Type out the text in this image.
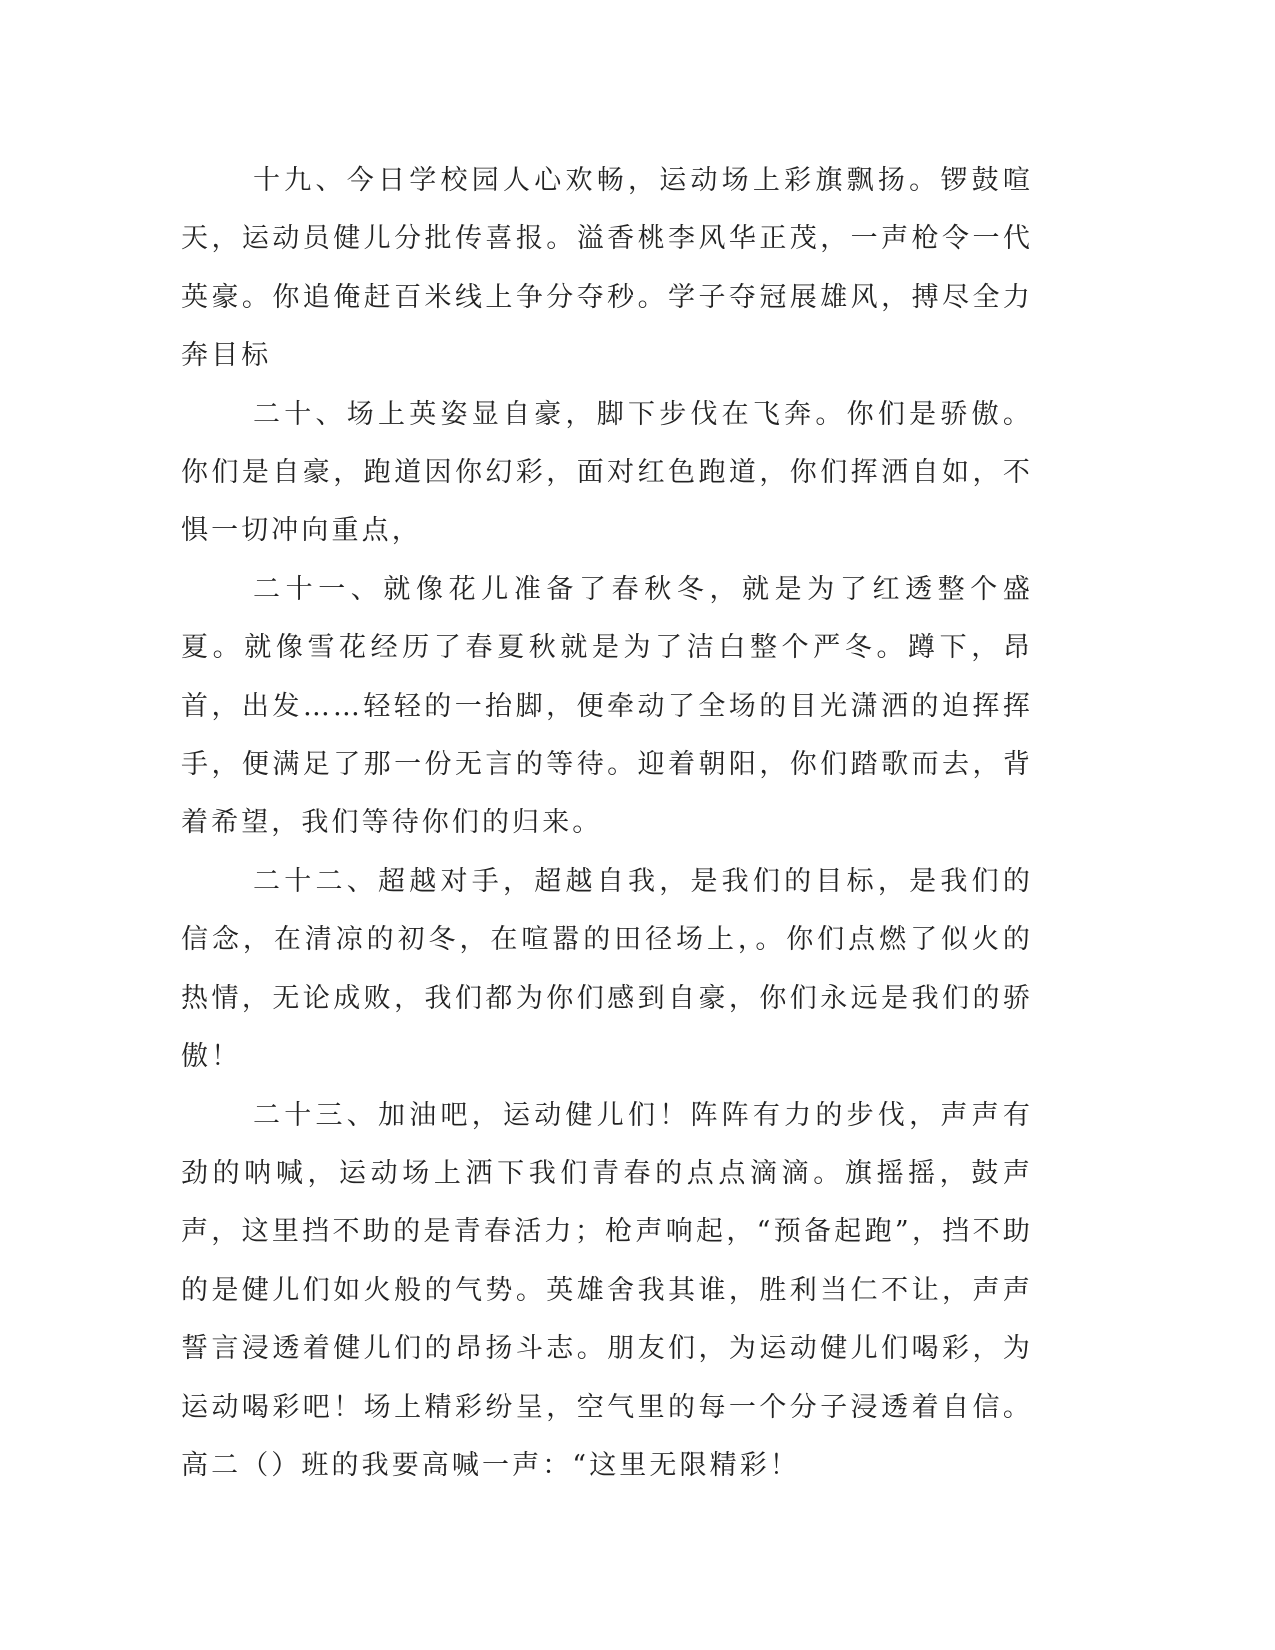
十九、今日学校园人心欢畅，运动场上彩旗飘扬。锣鼓喧天，运动员健儿分批传喜报。溢香桃李风华正茂，一声枪令一代英豪。你追俺赶百米线上争分夺秒。学子夺冠展雄风，搏尽全力奔目标

二十、场上英姿显自豪，脚下步伐在飞奔。你们是骄傲。你们是自豪，跑道因你幻彩，面对红色跑道，你们挥洒自如，不惧一切冲向重点，

二十一、就像花儿准备了春秋冬，就是为了红透整个盛夏。就像雪花经历了春夏秋就是为了洁白整个严冬。蹲下，昂首，出发……轻轻的一抬脚，便牵动了全场的目光潇洒的迫挥挥手，便满足了那一份无言的等待。迎着朝阳，你们踏歌而去，背着希望，我们等待你们的归来。

二十二、超越对手，超越自我，是我们的目标，是我们的信念，在清凉的初冬，在喧嚣的田径场上，。你们点燃了似火的热情，无论成败，我们都为你们感到自豪，你们永远是我们的骄傲！

二十三、加油吧，运动健儿们！阵阵有力的步伐，声声有劲的呐喊，运动场上洒下我们青春的点点滴滴。旗摇摇，鼓声声，这里挡不助的是青春活力；枪声响起，“预备起跑”，挡不助的是健儿们如火般的气势。英雄舍我其谁，胜利当仁不让，声声誓言浸透着健儿们的昂扬斗志。朋友们，为运动健儿们喝彩，为运动喝彩吧！场上精彩纷呈，空气里的每一个分子浸透着自信。高二（）班的我要高喊一声：“这里无限精彩！
